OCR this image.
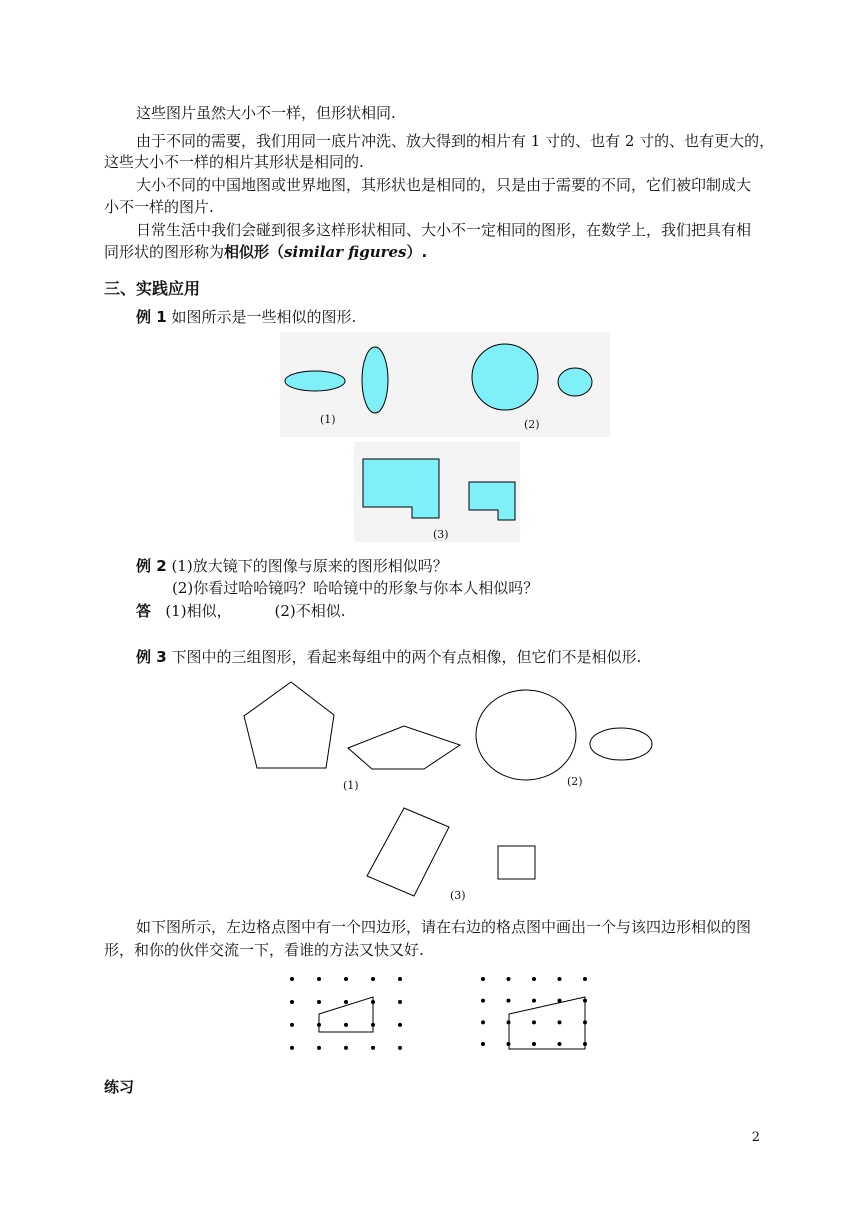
这些图片虽然大小不一样，但形状相同.
由于不同的需要，我们用同一底片冲洗、放大得到的相片有 1 寸的、也有 2 寸的、也有更大的，
这些大小不一样的相片其形状是相同的.
大小不同的中国地图或世界地图，其形状也是相同的，只是由于需要的不同，它们被印制成大
小不一样的图片.
日常生活中我们会碰到很多这样形状相同、大小不一定相同的图形，在数学上，我们把具有相
同形状的图形称为相似形（similar figures）.
三、实践应用
例 1 如图所示是一些相似的图形.
(1)	(2)
(3)
例 2 (1)放大镜下的图像与原来的图形相似吗？
(2)你看过哈哈镜吗？哈哈镜中的形象与你本人相似吗？
答 (1)相似，	(2)不相似.
例 3 下图中的三组图形，看起来每组中的两个有点相像，但它们不是相似形.
(1)	(2)
(3)
如下图所示，左边格点图中有一个四边形，请在右边的格点图中画出一个与该四边形相似的图
形，和你的伙伴交流一下，看谁的方法又快又好.
练习
2
